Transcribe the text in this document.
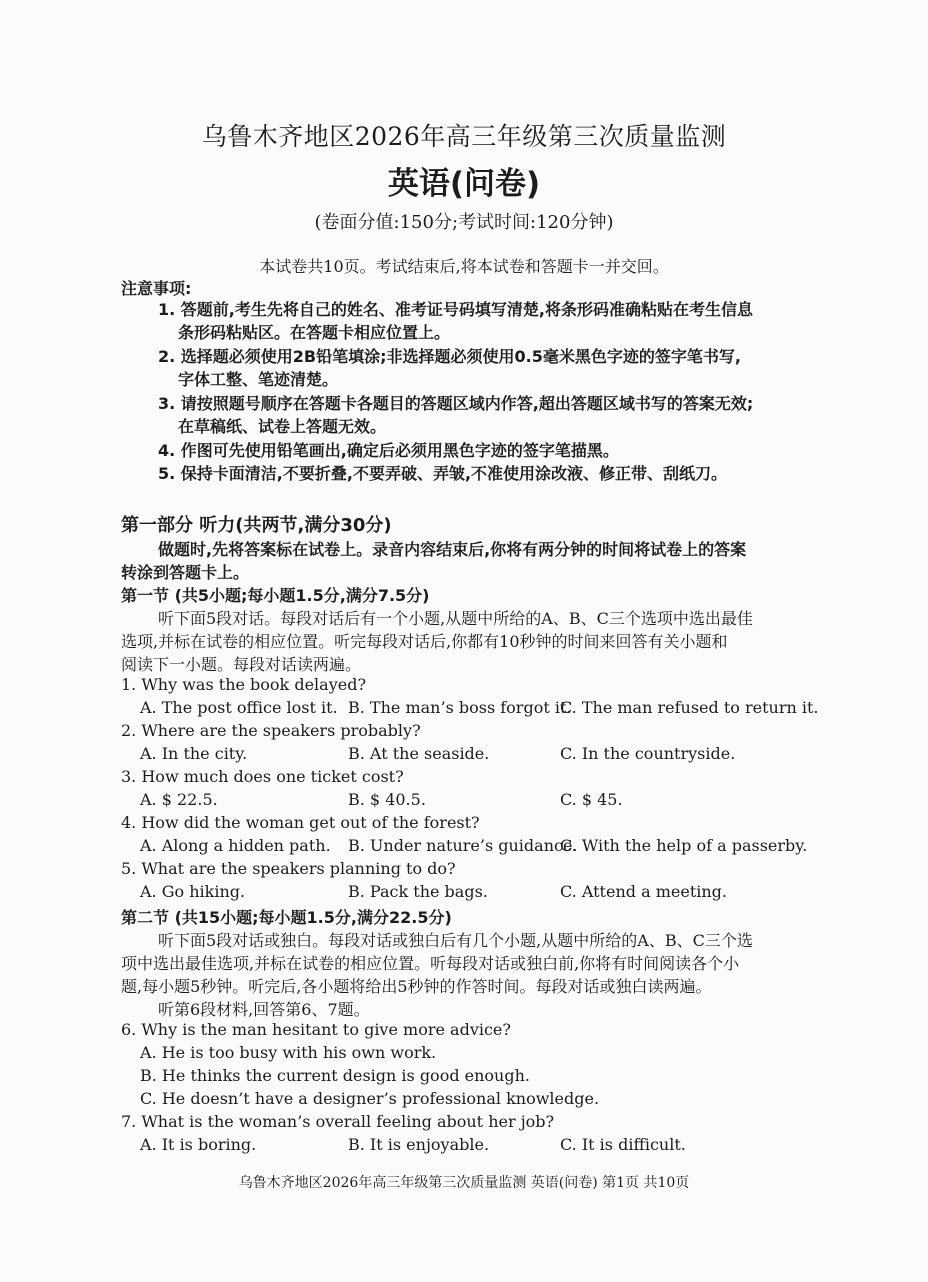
乌鲁木齐地区2026年高三年级第三次质量监测
英语(问卷)
(卷面分值:150分;考试时间:120分钟)
本试卷共10页。考试结束后,将本试卷和答题卡一并交回。
注意事项:
1. 答题前,考生先将自己的姓名、准考证号码填写清楚,将条形码准确粘贴在考生信息
条形码粘贴区。在答题卡相应位置上。
2. 选择题必须使用2B铅笔填涂;非选择题必须使用0.5毫米黑色字迹的签字笔书写,
字体工整、笔迹清楚。
3. 请按照题号顺序在答题卡各题目的答题区域内作答,超出答题区域书写的答案无效;
在草稿纸、试卷上答题无效。
4. 作图可先使用铅笔画出,确定后必须用黑色字迹的签字笔描黑。
5. 保持卡面清洁,不要折叠,不要弄破、弄皱,不准使用涂改液、修正带、刮纸刀。
第一部分 听力(共两节,满分30分)
做题时,先将答案标在试卷上。录音内容结束后,你将有两分钟的时间将试卷上的答案
转涂到答题卡上。
第一节 (共5小题;每小题1.5分,满分7.5分)
听下面5段对话。每段对话后有一个小题,从题中所给的A、B、C三个选项中选出最佳
选项,并标在试卷的相应位置。听完每段对话后,你都有10秒钟的时间来回答有关小题和
阅读下一小题。每段对话读两遍。
1. Why was the book delayed?
A. The post office lost it. B. The man’s boss forgot it.
C. The man refused to return it.
2. Where are the speakers probably?
A. In the city.	B. At the seaside.	C. In the countryside.
3. How much does one ticket cost?
A. $ 22.5.	B. $ 40.5.	C. $ 45.
4. How did the woman get out of the forest?
A. Along a hidden path. B. Under nature’s guidance.
C. With the help of a passerby.
5. What are the speakers planning to do?
A. Go hiking.	B. Pack the bags.	C. Attend a meeting.
第二节 (共15小题;每小题1.5分,满分22.5分)
听下面5段对话或独白。每段对话或独白后有几个小题,从题中所给的A、B、C三个选
项中选出最佳选项,并标在试卷的相应位置。听每段对话或独白前,你将有时间阅读各个小
题,每小题5秒钟。听完后,各小题将给出5秒钟的作答时间。每段对话或独白读两遍。
听第6段材料,回答第6、7题。
6. Why is the man hesitant to give more advice?
A. He is too busy with his own work.
B. He thinks the current design is good enough.
C. He doesn’t have a designer’s professional knowledge.
7. What is the woman’s overall feeling about her job?
A. It is boring.	B. It is enjoyable.	C. It is difficult.
乌鲁木齐地区2026年高三年级第三次质量监测 英语(问卷) 第1页 共10页
